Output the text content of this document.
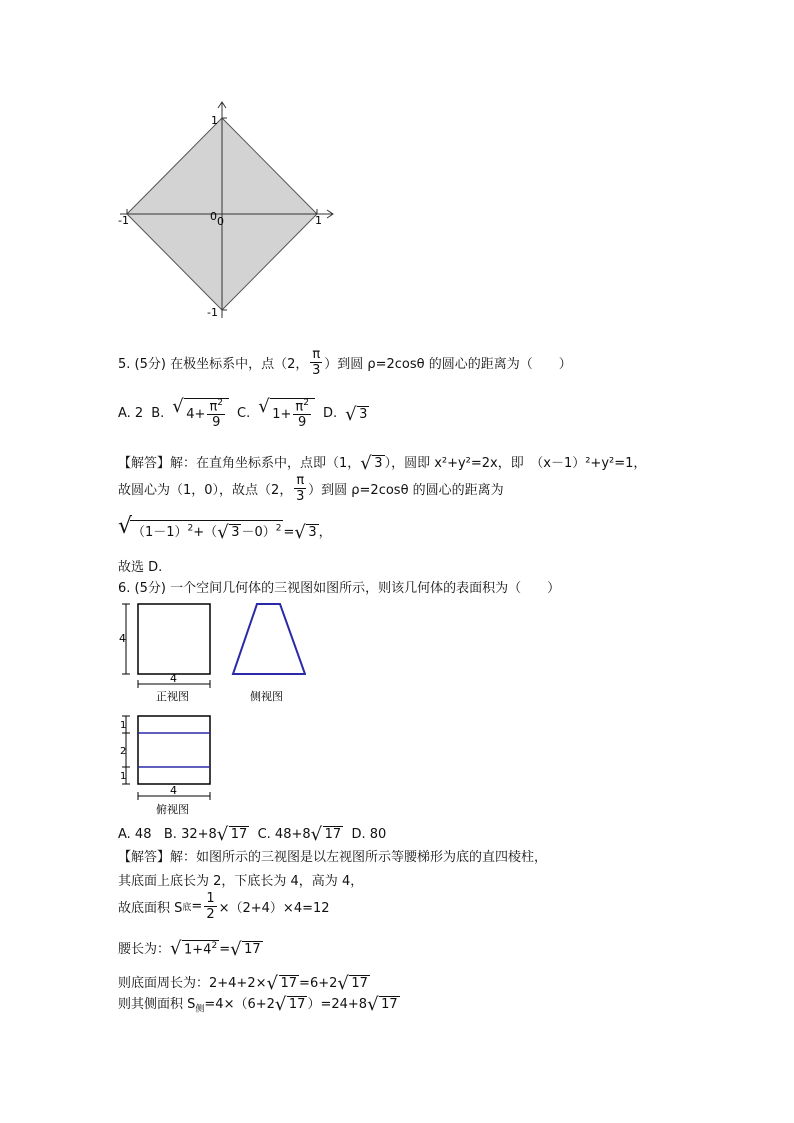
1
-1
-1	1
0 0
5. (5分) 在极坐标系中，点（2， $\frac{\pi}{3}$ ）到圆 ρ=2cosθ 的圆心的距离为（　　）
A. 2 B. √ $4+ \frac{\pi^2}{9} C$. √ $1+ \frac{\pi^2}{9} D$. √ 3
【解答】解：在直角坐标系中，点即（1， √ 3 ），圆即 x²+y²=2x，即　（x－1）²+y²=1，
故圆心为（1，0），故点（2， $\frac{\pi}{3}$ ）到圆 ρ=2cosθ 的圆心的距离为
√ $(1-1)^2+$（ √ 3 －0）$^2$ = √ 3 ，
故选 D.
6. (5分) 一个空间几何体的三视图如图所示，则该几何体的表面积为（　　）
4
4
正视图	侧视图
1
2
1
4
俯视图
A. 48 B. 32+8 √ 17 C. 48+8 √ 17 D. 80
【解答】解：如图所示的三视图是以左视图所示等腰梯形为底的直四棱柱，
其底面上底长为 2，下底长为 4，高为 4，
故底面积 S 底 = $\frac{1}{2} \times(2+4)\times 4=12$
腰长为： √ $1+4^2$ = √ 17
则底面周长为：2+4+2× √ 17 =6+2 √ 17
则其侧面积 $S_侧=4\times(6+2$ √ 17 ）=24+8 √ 17
